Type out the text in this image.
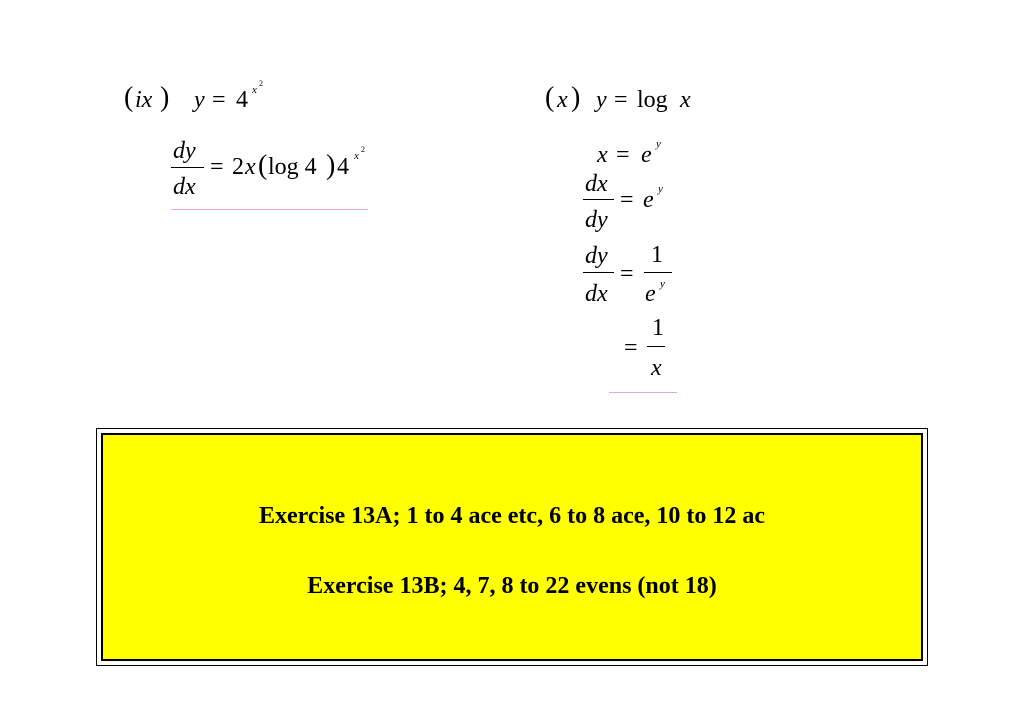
( ix ) y = 4 x
2
dy
dx
= 2 x ( log 4 ) 4 x
2
( x ) y = log x
x = e y
dx
dy
= e y
dy
dx
=
1
e y
=
1
x
Exercise 13A; 1 to 4 ace etc, 6 to 8 ace, 10 to 12 ac
Exercise 13B; 4, 7, 8 to 22 evens (not 18)
